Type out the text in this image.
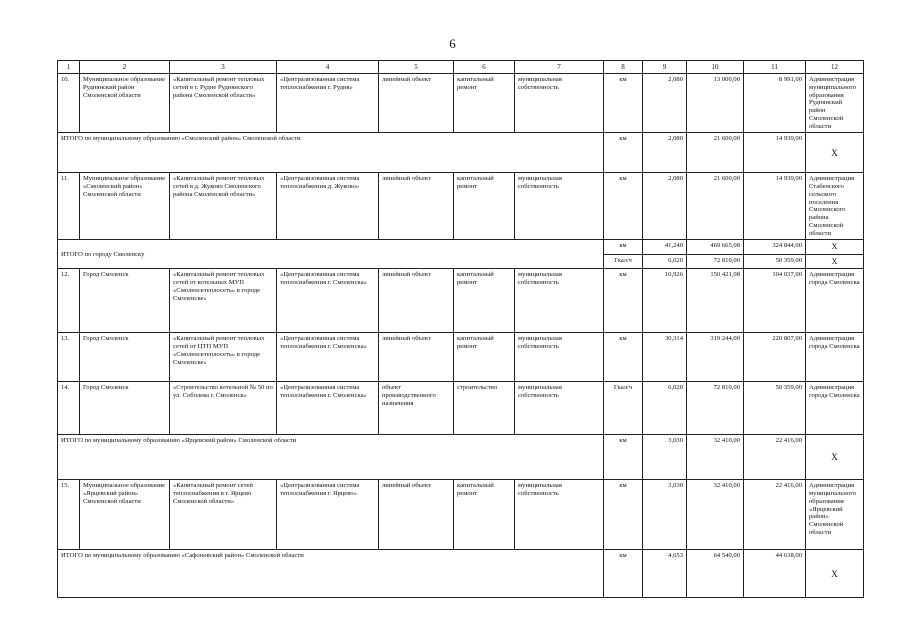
6
1	2	3	4	5	6	7	8	9	10	11	12
10.	Муниципальное образование Руднянский район Смоленской области	«Капитальный ремонт тепловых сетей в г. Рудне Руднянского района Смоленской области»	«Централизованная система теплоснабжения г. Рудня»	линейный объект	капитальный ремонт	муниципальная собственность	км	2,080	13 000,00	8 991,00	Администрация муниципального образования Руднянский район Смоленской области
ИТОГО по муниципальному образованию «Смоленский район» Смоленской области							км	2,080	21 600,00	14 939,00	X
11.	Муниципальное образование «Смоленский район» Смоленской области	«Капитальный ремонт тепловых сетей в д. Жуково Смоленского района Смоленской области»	«Централизованная система теплоснабжения д. Жуково»	линейный объект	капитальный ремонт	муниципальная собственность	км	2,080	21 600,00	14 939,00	Администрация Стабенского сельского поселения Смоленского района Смоленской области
ИТОГО по городу Смоленску							км	41,240	469 665,08	324 844,00	X
							Гкал/ч	6,020	72 810,00	50 359,00	X
12.	Город Смоленск	«Капитальный ремонт тепловых сетей от котельных МУП «Смоленсктеплосеть» в городе Смоленске»	«Централизованная система теплоснабжения г. Смоленска»	линейный объект	капитальный ремонт	муниципальная собственность	км	10,926	150 421,08	104 037,00	Администрация города Смоленска
13.	Город Смоленск	«Капитальный ремонт тепловых сетей от ЦТП МУП «Смоленсктеплосеть» в городе Смоленске»	«Централизованная система теплоснабжения г. Смоленска»	линейный объект	капитальный ремонт	муниципальная собственность	км	30,314	319 244,00	220 807,00	Администрация города Смоленска
14.	Город Смоленск	«Строительство котельной № 50 по ул. Соболева г. Смоленск»	«Централизованная система теплоснабжения г. Смоленска»	объект производственного назначения	строительство	муниципальная собственность	Гкал/ч	6,020	72 810,00	50 359,00	Администрация города Смоленска
ИТОГО по муниципальному образованию «Ярцевский район» Смоленской области							км	3,030	32 410,00	22 416,00	X
15.	Муниципальное образование «Ярцевский район» Смоленской области	«Капитальный ремонт сетей теплоснабжения в г. Ярцево Смоленской области»	«Централизованная система теплоснабжения г. Ярцево»	линейный объект	капитальный ремонт	муниципальная собственность	км	3,030	32 410,00	22 416,00	Администрация муниципального образования «Ярцевский район» Смоленской области
ИТОГО по муниципальному образованию «Сафоновский район» Смоленской области							км	4,653	64 540,00	44 638,00	X
